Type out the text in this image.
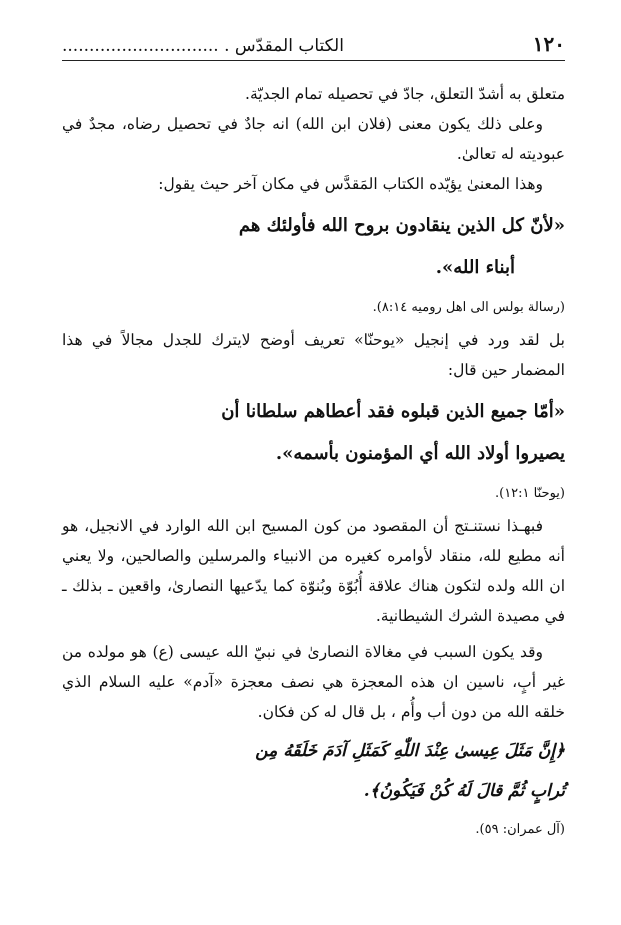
١٢٠
الكتاب المقدّس . .............................

متعلق به أشدّ التعلق، جادّ في تحصيله تمام الجديّة.

وعلى ذلك يكون معنى (فلان ابن الله) انه جادٌ في تحصيل رضاه، مجدٌ في عبوديته له تعالىٰ.

وهذا المعنىٰ يؤيّده الكتاب المَقدَّس في مكان آخر حيث يقول:

«لأنّ كل الذين ينقادون بروح الله فأولئك هم
أبناء الله».

(رسالة بولس الى اهل روميه ٨:١٤).

بل لقد ورد في إنجيل «يوحنّا» تعريف أوضح لايترك للجدل مجالاً في هذا المضمار حين قال:

«أمّا جميع الذين قبلوه فقد أعطاهم سلطانا أن
يصيروا أولاد الله أي المؤمنون بأسمه».

(يوحنّا ١٢:١).

فبهـذا نستنـتج أن المقصود من كون المسيح ابن الله الوارد في الانجيل، هو أنه مطيع لله، منقاد لأوامره كغيره من الانبياء والمرسلين والصالحين، ولا يعني ان الله ولده لتكون هناك علاقة أُبُوّة وبُنوّة كما يدّعيها النصارىٰ، واقعين ـ بذلك ـ في مصيدة الشرك الشيطانية.

وقد يكون السبب في مغالاة النصارىٰ في نبيّ الله عيسى (ع) هو مولده من غير أبٍ، ناسين ان هذه المعجزة هي نصف معجزة «آدم» عليه السلام الذي خلقه الله من دون أب وأُم ، بل قال له كن فكان.

﴿إِنَّ مَثَلَ عِيسىٰ عِنْدَ اللّٰهِ كَمَثَلِ آدَمَ خَلَقَهُ مِن
تُرابٍ ثُمَّ قالَ لَهُ كُنْ فَيَكُونُ﴾.

(آل عمران: ٥٩).
